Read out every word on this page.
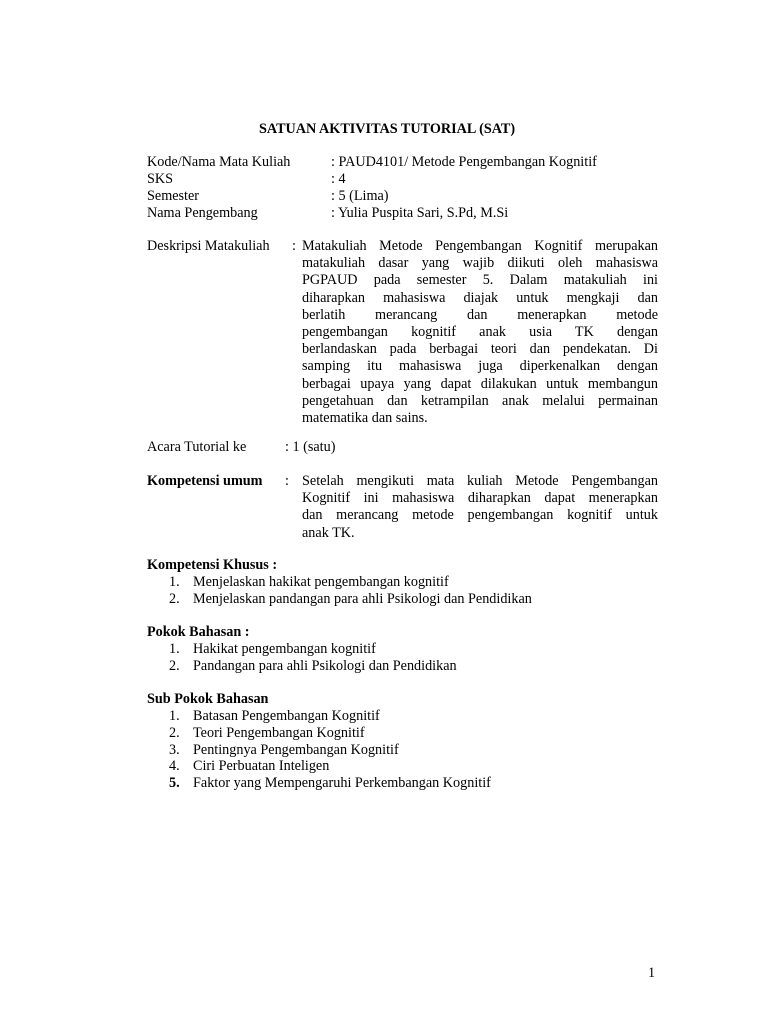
SATUAN AKTIVITAS TUTORIAL (SAT)
Kode/Nama Mata Kuliah	: PAUD4101/ Metode Pengembangan Kognitif
SKS	: 4
Semester	: 5 (Lima)
Nama Pengembang	: Yulia Puspita Sari, S.Pd, M.Si
Deskripsi Matakuliah : Matakuliah Metode Pengembangan Kognitif merupakan
matakuliah dasar yang wajib diikuti oleh mahasiswa
PGPAUD pada semester 5. Dalam matakuliah ini
diharapkan mahasiswa diajak untuk mengkaji dan
berlatih merancang dan menerapkan metode
pengembangan kognitif anak usia TK dengan
berlandaskan pada berbagai teori dan pendekatan. Di
samping itu mahasiswa juga diperkenalkan dengan
berbagai upaya yang dapat dilakukan untuk membangun
pengetahuan dan ketrampilan anak melalui permainan
matematika dan sains.
Acara Tutorial ke	: 1 (satu)
Kompetensi umum : Setelah mengikuti mata kuliah Metode Pengembangan
Kognitif ini mahasiswa diharapkan dapat menerapkan
dan merancang metode pengembangan kognitif untuk
anak TK.
Kompetensi Khusus :
1. Menjelaskan hakikat pengembangan kognitif
2. Menjelaskan pandangan para ahli Psikologi dan Pendidikan
Pokok Bahasan :
1. Hakikat pengembangan kognitif
2. Pandangan para ahli Psikologi dan Pendidikan
Sub Pokok Bahasan
1. Batasan Pengembangan Kognitif
2. Teori Pengembangan Kognitif
3. Pentingnya Pengembangan Kognitif
4. Ciri Perbuatan Inteligen
5. Faktor yang Mempengaruhi Perkembangan Kognitif
1
